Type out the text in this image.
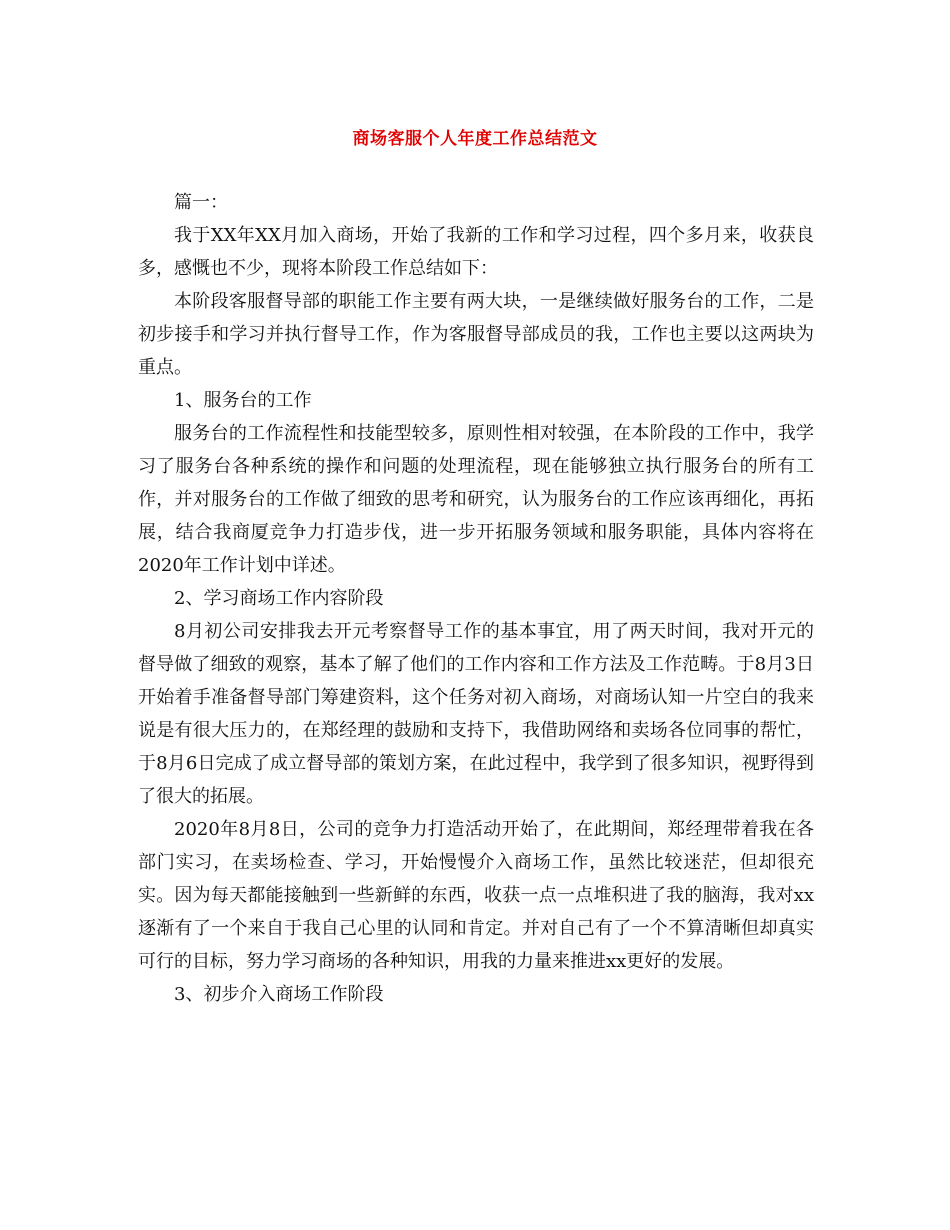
商场客服个人年度工作总结范文

篇一：

我于XX年XX月加入商场，开始了我新的工作和学习过程，四个多月来，收获良多，感慨也不少，现将本阶段工作总结如下：

本阶段客服督导部的职能工作主要有两大块，一是继续做好服务台的工作，二是初步接手和学习并执行督导工作，作为客服督导部成员的我，工作也主要以这两块为重点。

1、服务台的工作

服务台的工作流程性和技能型较多，原则性相对较强，在本阶段的工作中，我学习了服务台各种系统的操作和问题的处理流程，现在能够独立执行服务台的所有工作，并对服务台的工作做了细致的思考和研究，认为服务台的工作应该再细化，再拓展，结合我商厦竞争力打造步伐，进一步开拓服务领域和服务职能，具体内容将在2020年工作计划中详述。

2、学习商场工作内容阶段

8月初公司安排我去开元考察督导工作的基本事宜，用了两天时间，我对开元的督导做了细致的观察，基本了解了他们的工作内容和工作方法及工作范畴。于8月3日开始着手准备督导部门筹建资料，这个任务对初入商场，对商场认知一片空白的我来说是有很大压力的，在郑经理的鼓励和支持下，我借助网络和卖场各位同事的帮忙，于8月6日完成了成立督导部的策划方案，在此过程中，我学到了很多知识，视野得到了很大的拓展。

2020年8月8日，公司的竞争力打造活动开始了，在此期间，郑经理带着我在各部门实习，在卖场检查、学习，开始慢慢介入商场工作，虽然比较迷茫，但却很充实。因为每天都能接触到一些新鲜的东西，收获一点一点堆积进了我的脑海，我对xx逐渐有了一个来自于我自己心里的认同和肯定。并对自己有了一个不算清晰但却真实可行的目标，努力学习商场的各种知识，用我的力量来推进xx更好的发展。

3、初步介入商场工作阶段
